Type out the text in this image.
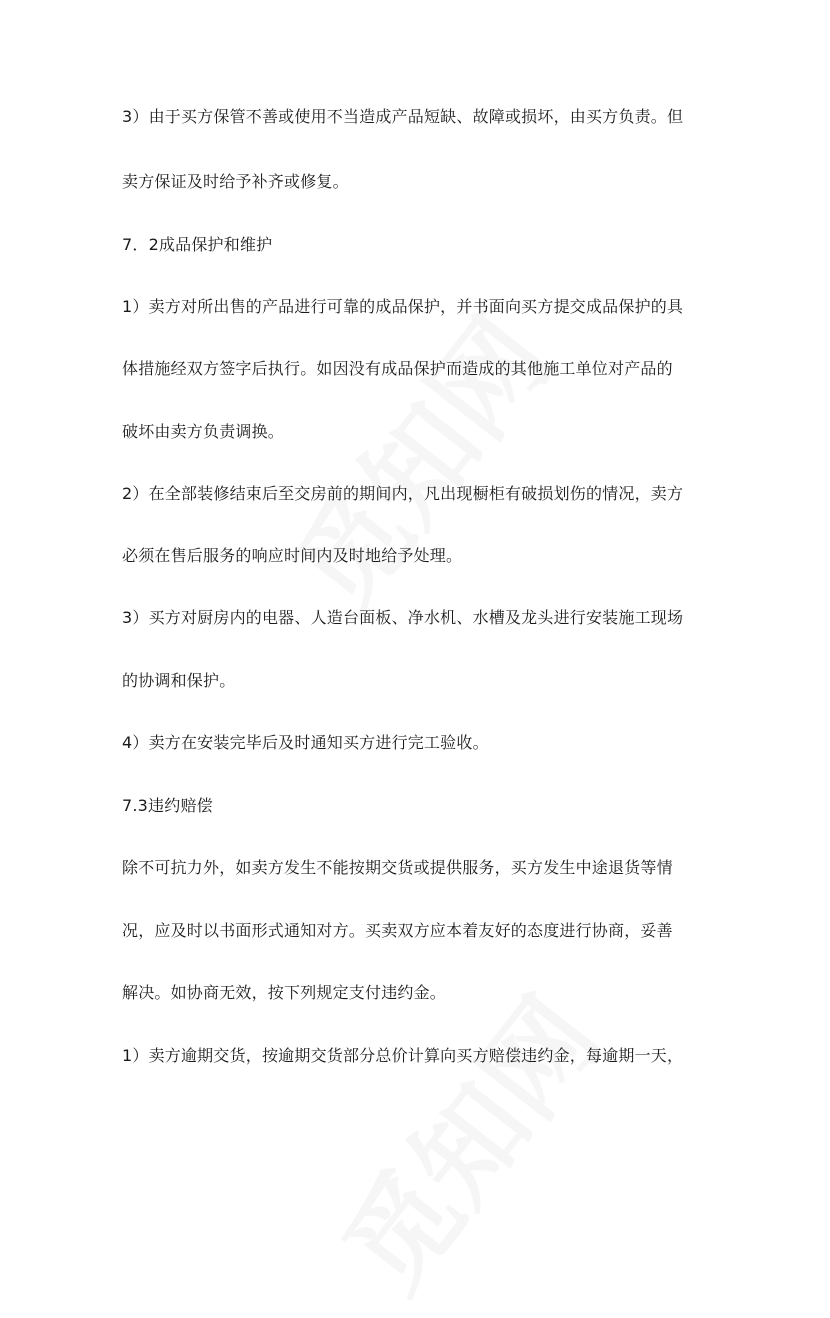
3）由于买方保管不善或使用不当造成产品短缺、故障或损坏，由买方负责。但
卖方保证及时给予补齐或修复。
7．2成品保护和维护
1）卖方对所出售的产品进行可靠的成品保护，并书面向买方提交成品保护的具
体措施经双方签字后执行。如因没有成品保护而造成的其他施工单位对产品的
破坏由卖方负责调换。
2）在全部装修结束后至交房前的期间内，凡出现橱柜有破损划伤的情况，卖方
必须在售后服务的响应时间内及时地给予处理。
3）买方对厨房内的电器、人造台面板、净水机、水槽及龙头进行安装施工现场
的协调和保护。
4）卖方在安装完毕后及时通知买方进行完工验收。
7.3违约赔偿
除不可抗力外，如卖方发生不能按期交货或提供服务，买方发生中途退货等情
况，应及时以书面形式通知对方。买卖双方应本着友好的态度进行协商，妥善
解决。如协商无效，按下列规定支付违约金。
1）卖方逾期交货，按逾期交货部分总价计算向买方赔偿违约金，每逾期一天，
